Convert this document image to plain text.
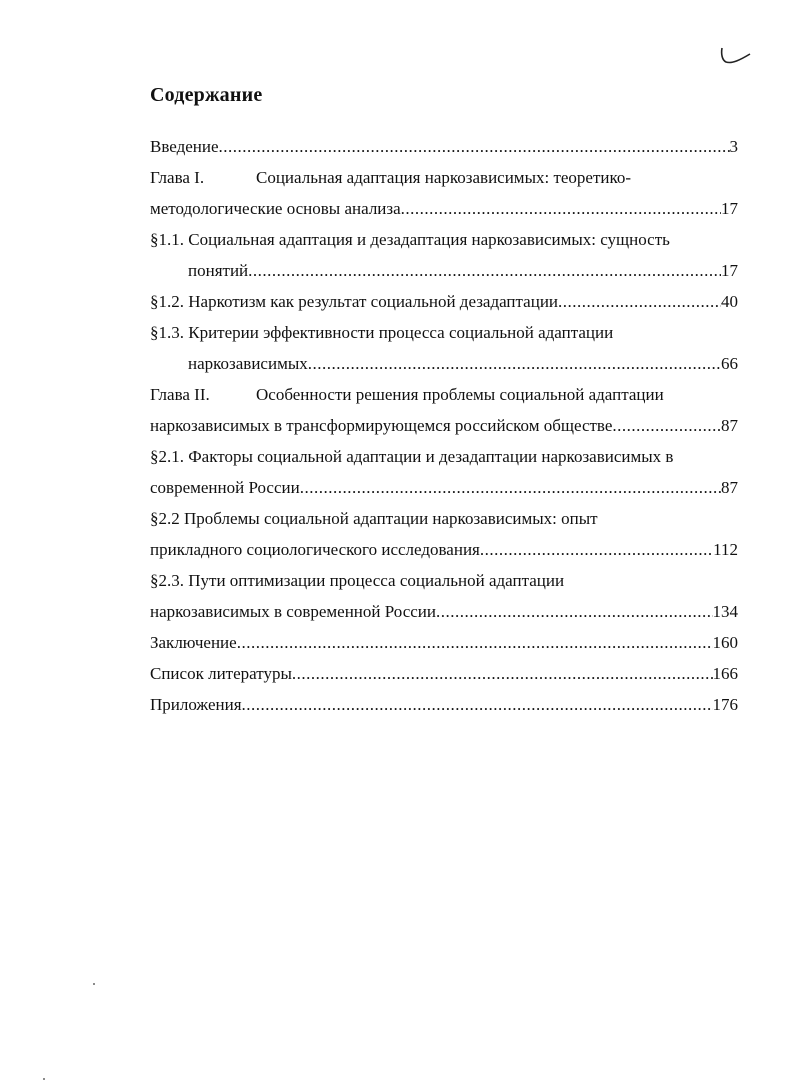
Содержание
Введение .....	3
Глава I.	Социальная адаптация наркозависимых: теоретико-
методологические основы анализа .....	17
§1.1. Социальная адаптация и дезадаптация наркозависимых: сущность
понятий .....	17
§1.2. Наркотизм как результат социальной дезадаптации .....	40
§1.3. Критерии эффективности процесса социальной адаптации
наркозависимых .....	66
Глава II.	Особенности решения проблемы социальной адаптации
наркозависимых в трансформирующемся российском обществе .....	87
§2.1. Факторы социальной адаптации и дезадаптации наркозависимых в
современной России .....	87
§2.2 Проблемы социальной адаптации наркозависимых: опыт
прикладного социологического исследования .....	112
§2.3. Пути оптимизации процесса социальной адаптации
наркозависимых в современной России .....	134
Заключение .....	160
Список литературы .....	166
Приложения .....	176
